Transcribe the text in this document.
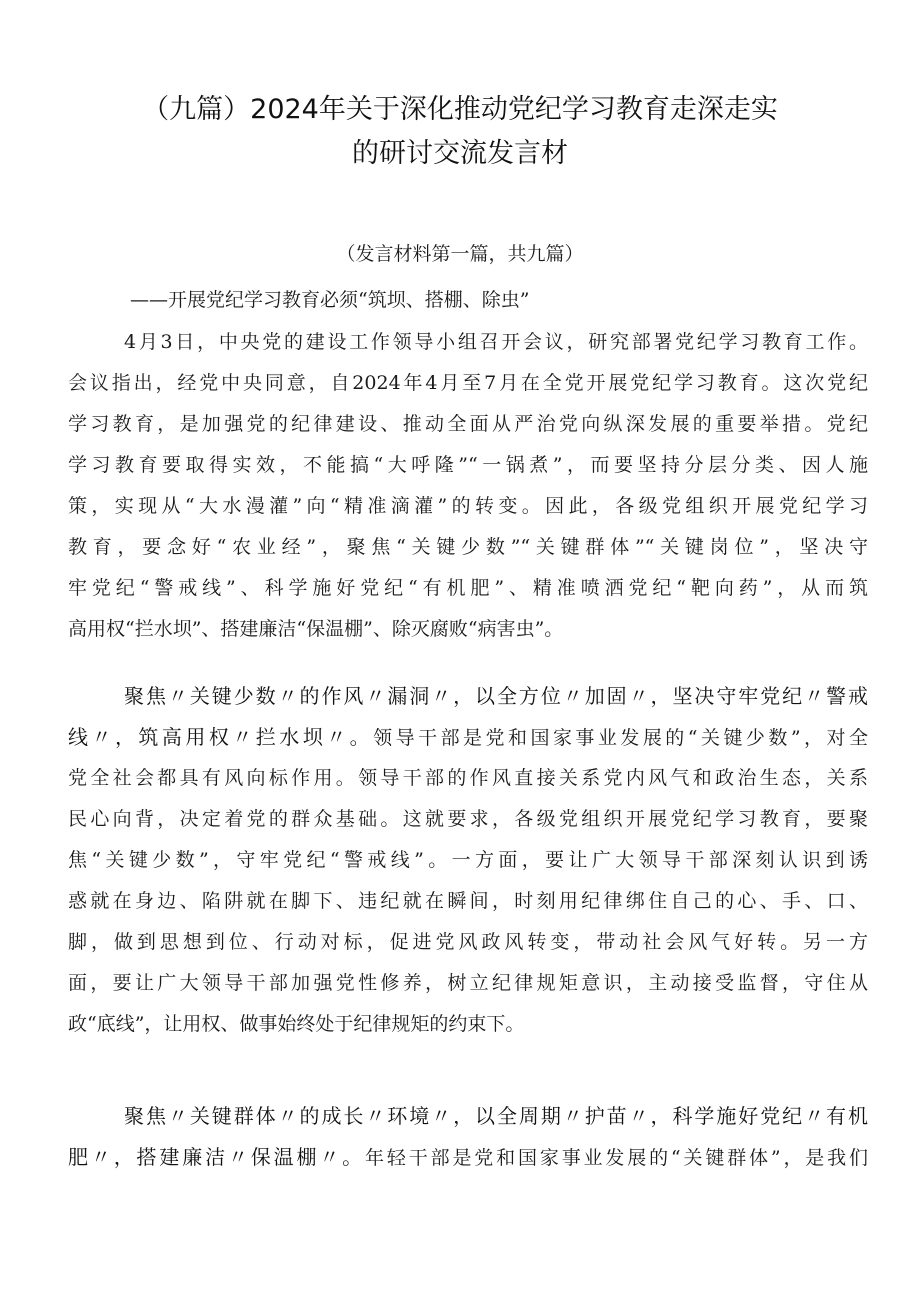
（九篇）2024年关于深化推动党纪学习教育走深走实
的研讨交流发言材
（发言材料第一篇，共九篇）
——开展党纪学习教育必须“筑坝、搭棚、除虫”
4月3日，中央党的建设工作领导小组召开会议，研究部署党纪学习教育工作。
会议指出，经党中央同意，自2024年4月至7月在全党开展党纪学习教育。这次党纪
学习教育，是加强党的纪律建设、推动全面从严治党向纵深发展的重要举措。党纪
学习教育要取得实效，不能搞“大呼隆”“一锅煮”，而要坚持分层分类、因人施
策，实现从“大水漫灌”向“精准滴灌”的转变。因此，各级党组织开展党纪学习
教育，要念好“农业经”，聚焦“关键少数”“关键群体”“关键岗位”，坚决守
牢党纪“警戒线”、科学施好党纪“有机肥”、精准喷洒党纪“靶向药”，从而筑
高用权“拦水坝”、搭建廉洁“保温棚”、除灭腐败“病害虫”。
聚焦〃关键少数〃的作风〃漏洞〃，以全方位〃加固〃，坚决守牢党纪〃警戒
线〃，筑高用权〃拦水坝〃。领导干部是党和国家事业发展的“关键少数”，对全
党全社会都具有风向标作用。领导干部的作风直接关系党内风气和政治生态，关系
民心向背，决定着党的群众基础。这就要求，各级党组织开展党纪学习教育，要聚
焦“关键少数”，守牢党纪“警戒线”。一方面，要让广大领导干部深刻认识到诱
惑就在身边、陷阱就在脚下、违纪就在瞬间，时刻用纪律绑住自己的心、手、口、
脚，做到思想到位、行动对标，促进党风政风转变，带动社会风气好转。另一方
面，要让广大领导干部加强党性修养，树立纪律规矩意识，主动接受监督，守住从
政“底线”，让用权、做事始终处于纪律规矩的约束下。
聚焦〃关键群体〃的成长〃环境〃，以全周期〃护苗〃，科学施好党纪〃有机
肥〃，搭建廉洁〃保温棚〃。年轻干部是党和国家事业发展的“关键群体”，是我们
